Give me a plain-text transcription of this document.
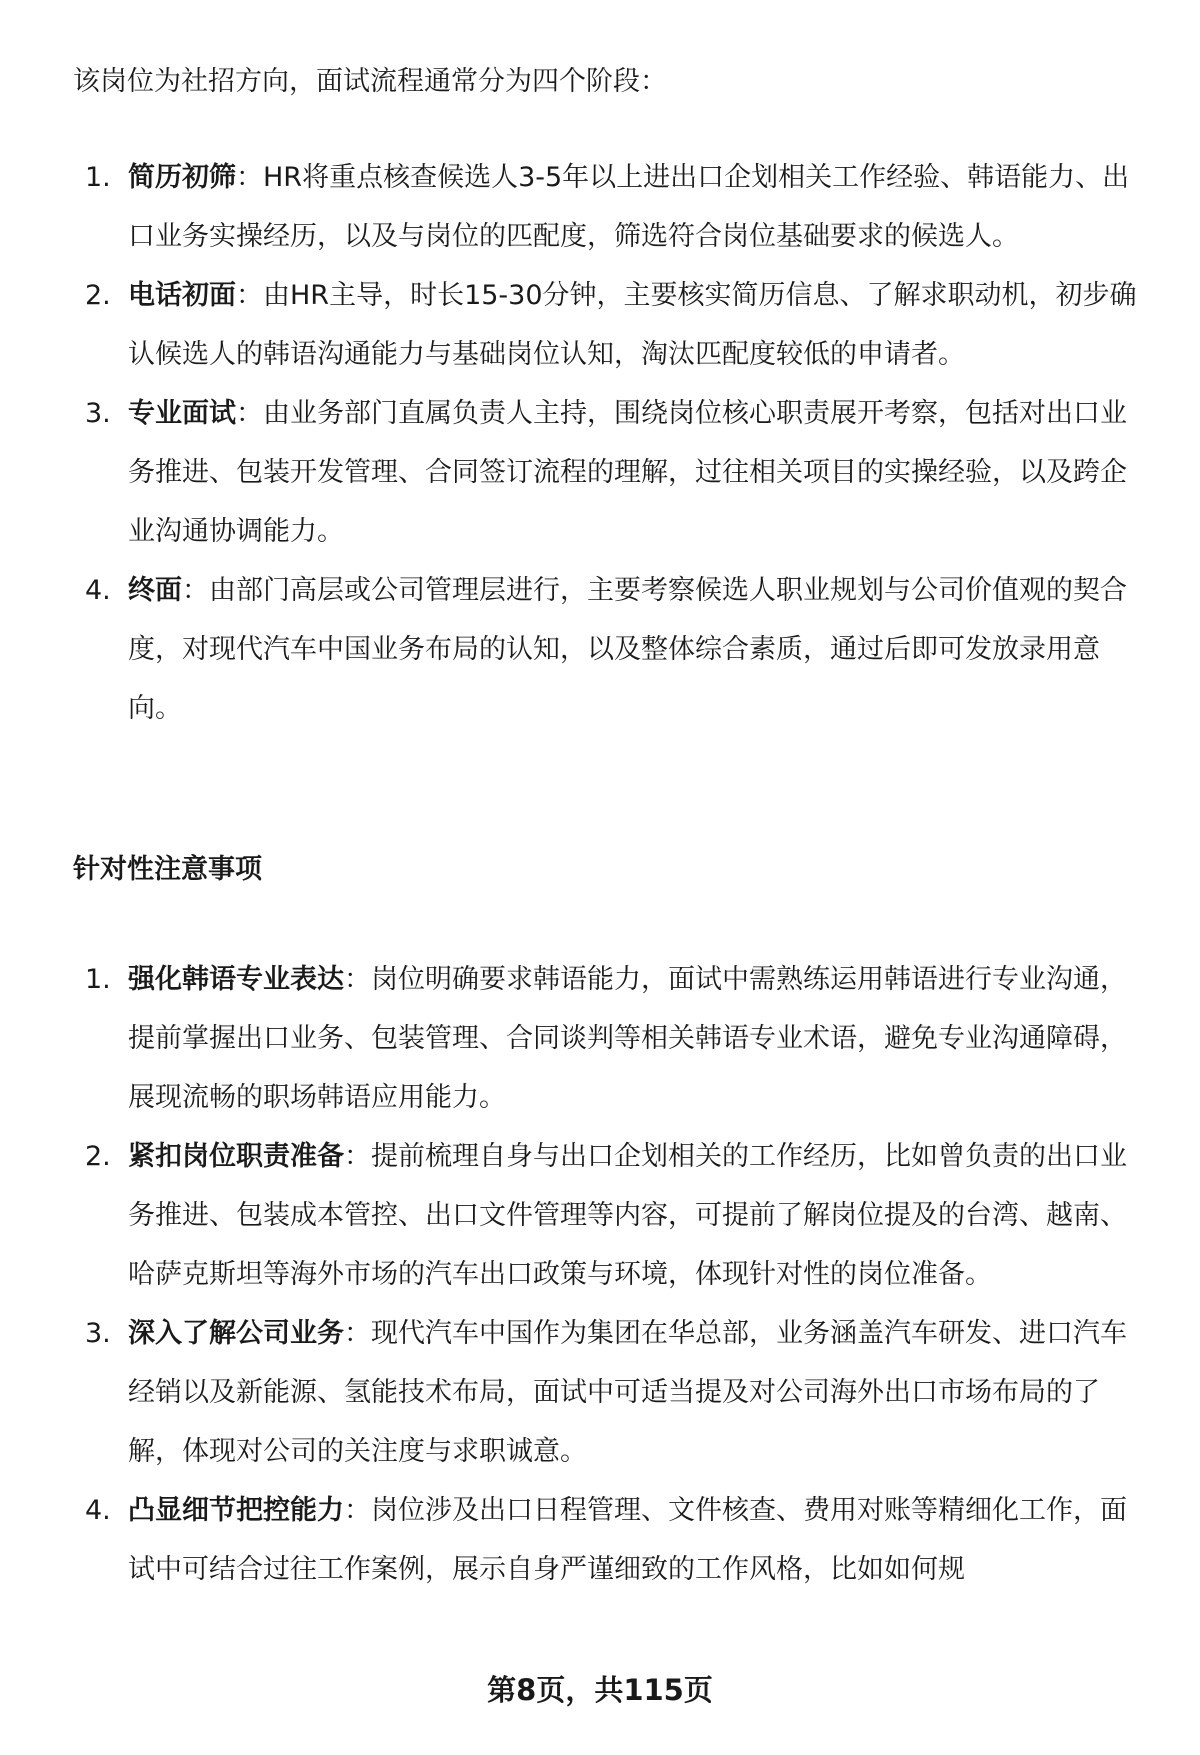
该岗位为社招方向，面试流程通常分为四个阶段：

1. 简历初筛：HR将重点核查候选人3-5年以上进出口企划相关工作经验、韩语能力、出口业务实操经历，以及与岗位的匹配度，筛选符合岗位基础要求的候选人。
2. 电话初面：由HR主导，时长15-30分钟，主要核实简历信息、了解求职动机，初步确认候选人的韩语沟通能力与基础岗位认知，淘汰匹配度较低的申请者。
3. 专业面试：由业务部门直属负责人主持，围绕岗位核心职责展开考察，包括对出口业务推进、包装开发管理、合同签订流程的理解，过往相关项目的实操经验，以及跨企业沟通协调能力。
4. 终面：由部门高层或公司管理层进行，主要考察候选人职业规划与公司价值观的契合度，对现代汽车中国业务布局的认知，以及整体综合素质，通过后即可发放录用意向。
针对性注意事项
1. 强化韩语专业表达：岗位明确要求韩语能力，面试中需熟练运用韩语进行专业沟通，提前掌握出口业务、包装管理、合同谈判等相关韩语专业术语，避免专业沟通障碍，展现流畅的职场韩语应用能力。
2. 紧扣岗位职责准备：提前梳理自身与出口企划相关的工作经历，比如曾负责的出口业务推进、包装成本管控、出口文件管理等内容，可提前了解岗位提及的台湾、越南、哈萨克斯坦等海外市场的汽车出口政策与环境，体现针对性的岗位准备。
3. 深入了解公司业务：现代汽车中国作为集团在华总部，业务涵盖汽车研发、进口汽车经销以及新能源、氢能技术布局，面试中可适当提及对公司海外出口市场布局的了解，体现对公司的关注度与求职诚意。
4. 凸显细节把控能力：岗位涉及出口日程管理、文件核查、费用对账等精细化工作，面试中可结合过往工作案例，展示自身严谨细致的工作风格，比如如何规
第8页，共115页
